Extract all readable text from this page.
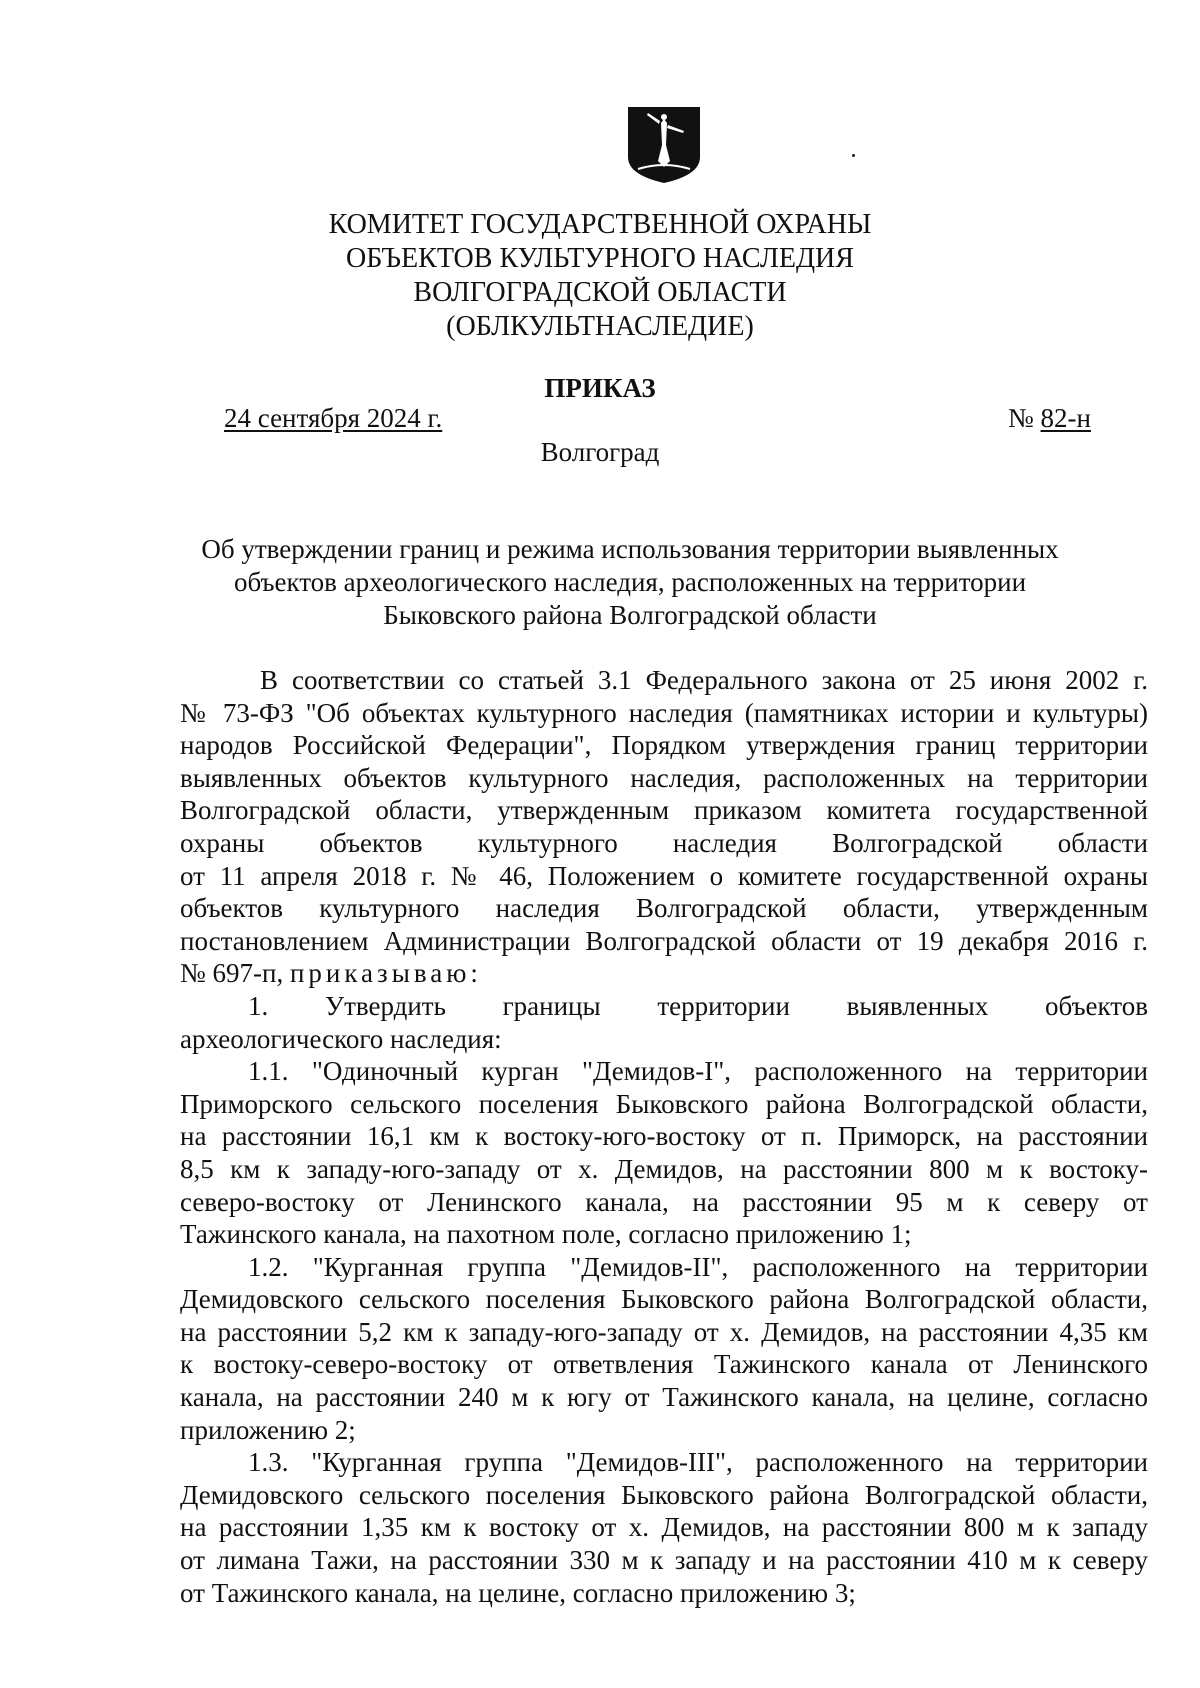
КОМИТЕТ ГОСУДАРСТВЕННОЙ ОХРАНЫ
ОБЪЕКТОВ КУЛЬТУРНОГО НАСЛЕДИЯ
ВОЛГОГРАДСКОЙ ОБЛАСТИ
(ОБЛКУЛЬТНАСЛЕДИЕ)
ПРИКАЗ
24 сентября 2024 г.	№ 82-н
Волгоград
Об утверждении границ и режима использования территории выявленных
объектов археологического наследия, расположенных на территории
Быковского района Волгоградской области
В соответствии со статьей 3.1 Федерального закона от 25 июня 2002 г.
№ 73-ФЗ "Об объектах культурного наследия (памятниках истории и культуры)
народов Российской Федерации", Порядком утверждения границ территории
выявленных объектов культурного наследия, расположенных на территории
Волгоградской области, утвержденным приказом комитета государственной
охраны объектов культурного наследия Волгоградской области
от 11 апреля 2018 г. № 46, Положением о комитете государственной охраны
объектов культурного наследия Волгоградской области, утвержденным
постановлением Администрации Волгоградской области от 19 декабря 2016 г.
№ 697-п, приказываю:
1. Утвердить границы территории выявленных объектов
археологического наследия:
1.1. "Одиночный курган "Демидов-I", расположенного на территории
Приморского сельского поселения Быковского района Волгоградской области,
на расстоянии 16,1 км к востоку-юго-востоку от п. Приморск, на расстоянии
8,5 км к западу-юго-западу от х. Демидов, на расстоянии 800 м к востоку-
северо-востоку от Ленинского канала, на расстоянии 95 м к северу от
Тажинского канала, на пахотном поле, согласно приложению 1;
1.2. "Курганная группа "Демидов-II", расположенного на территории
Демидовского сельского поселения Быковского района Волгоградской области,
на расстоянии 5,2 км к западу-юго-западу от х. Демидов, на расстоянии 4,35 км
к востоку-северо-востоку от ответвления Тажинского канала от Ленинского
канала, на расстоянии 240 м к югу от Тажинского канала, на целине, согласно
приложению 2;
1.3. "Курганная группа "Демидов-III", расположенного на территории
Демидовского сельского поселения Быковского района Волгоградской области,
на расстоянии 1,35 км к востоку от х. Демидов, на расстоянии 800 м к западу
от лимана Тажи, на расстоянии 330 м к западу и на расстоянии 410 м к северу
от Тажинского канала, на целине, согласно приложению 3;
